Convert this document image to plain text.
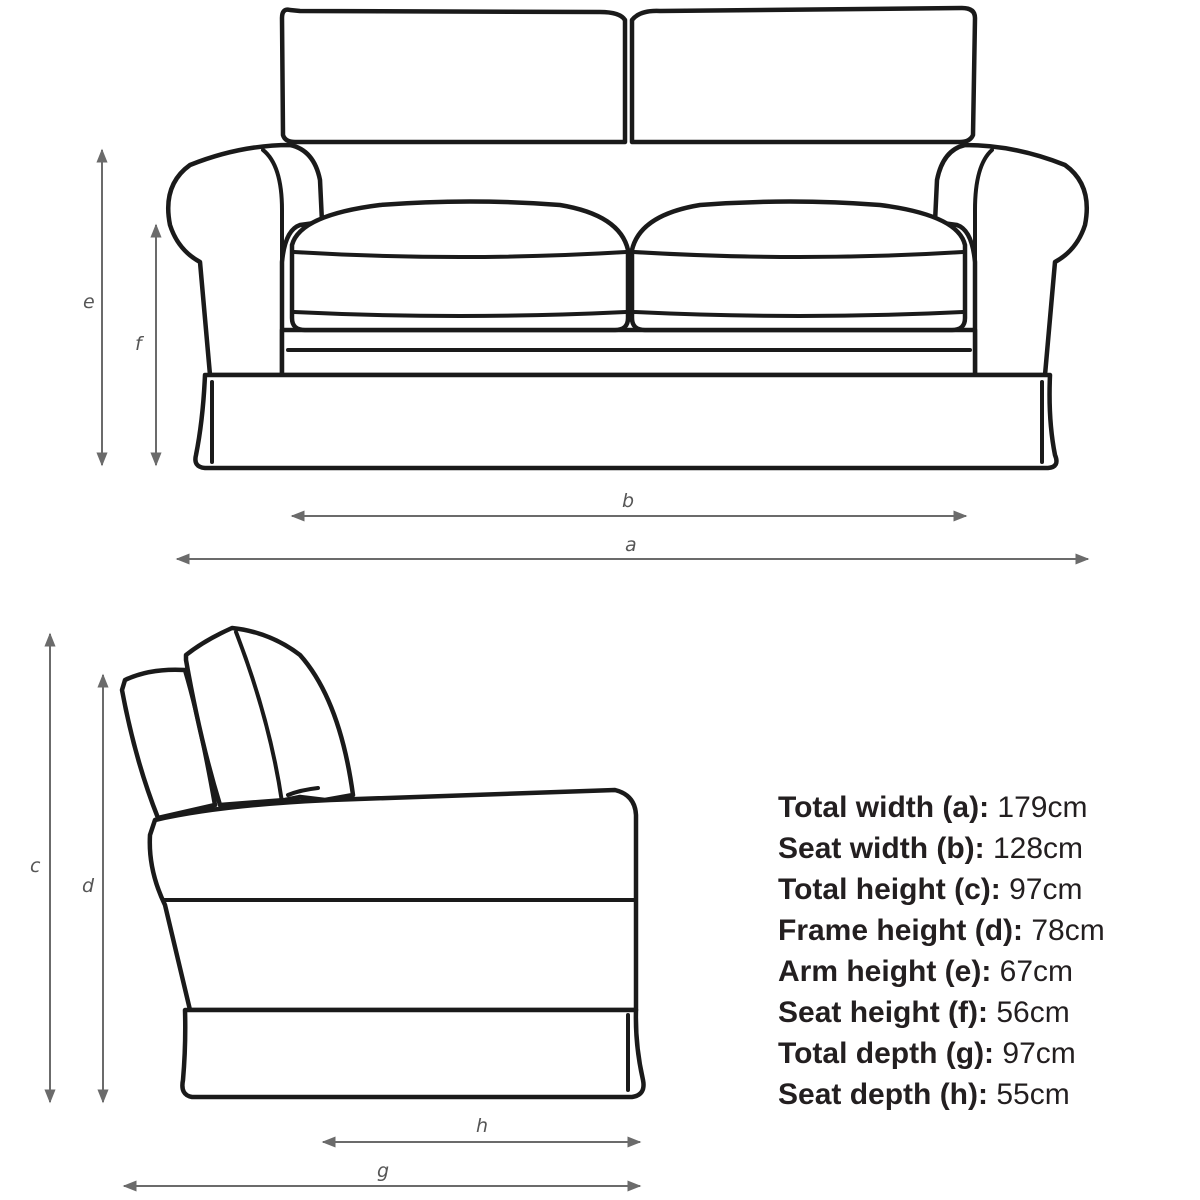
e
f
b
a
c
d
h
g
Total width (a): 179cm
Seat width (b): 128cm
Total height (c): 97cm
Frame height (d): 78cm
Arm height (e): 67cm
Seat height (f): 56cm
Total depth (g): 97cm
Seat depth (h): 55cm
